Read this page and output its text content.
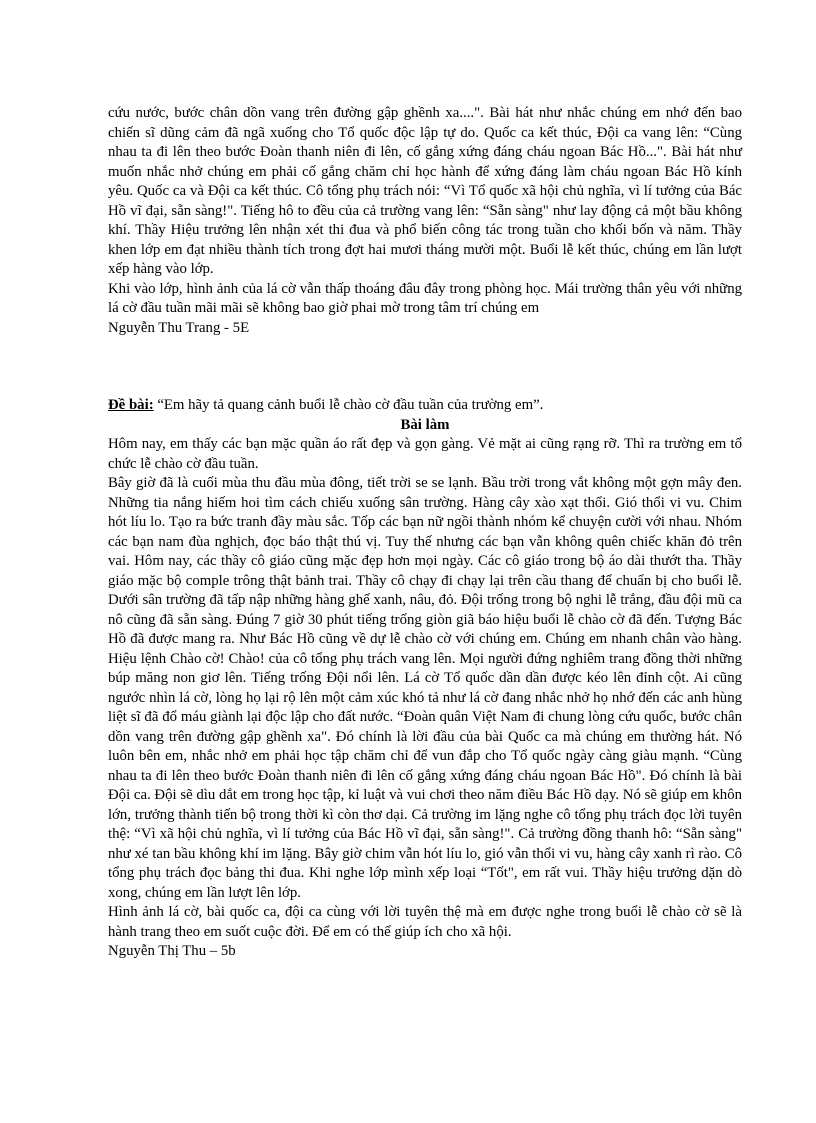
cứu nước, bước chân dồn vang trên đường gập ghềnh xa....". Bài hát như nhắc chúng em nhớ đến bao chiến sĩ dũng cảm đã ngã xuống cho Tổ quốc độc lập tự do. Quốc ca kết thúc, Đội ca vang lên: “Cùng nhau ta đi lên theo bước Đoàn thanh niên đi lên, cố gắng xứng đáng cháu ngoan Bác Hồ...". Bài hát như muốn nhắc nhở chúng em phải cố gắng chăm chỉ học hành để xứng đáng làm cháu ngoan Bác Hồ kính yêu. Quốc ca và Đội ca kết thúc. Cô tổng phụ trách nói: “Vì Tổ quốc xã hội chủ nghĩa, vì lí tưởng của Bác Hồ vĩ đại, sẵn sàng!". Tiếng hô to đều của cả trường vang lên: “Sẵn sàng" như lay động cả một bầu không khí. Thầy Hiệu trưởng lên nhận xét thi đua và phổ biến công tác trong tuần cho khối bốn và năm. Thầy khen lớp em đạt nhiều thành tích trong đợt hai mươi tháng mười một. Buổi lễ kết thúc, chúng em lần lượt xếp hàng vào lớp.

Khi vào lớp, hình ảnh của lá cờ vẫn thấp thoáng đâu đây trong phòng học. Mái trường thân yêu với những lá cờ đầu tuần mãi mãi sẽ không bao giờ phai mờ trong tâm trí chúng em

Nguyễn Thu Trang - 5E

Đề bài: “Em hãy tả quang cảnh buổi lễ chào cờ đầu tuần của trường em”.

Bài làm

Hôm nay, em thấy các bạn mặc quần áo rất đẹp và gọn gàng. Vẻ mặt ai cũng rạng rỡ. Thì ra trường em tổ chức lễ chào cờ đầu tuần.

Bây giờ đã là cuối mùa thu đầu mùa đông, tiết trời se se lạnh. Bầu trời trong vắt không một gợn mây đen. Những tia nắng hiếm hoi tìm cách chiếu xuống sân trường. Hàng cây xào xạt thổi. Gió thổi vi vu. Chim hót líu lo. Tạo ra bức tranh đầy màu sắc. Tốp các bạn nữ ngồi thành nhóm kể chuyện cười với nhau. Nhóm các bạn nam đùa nghịch, đọc báo thật thú vị. Tuy thế nhưng các bạn vẫn không quên chiếc khăn đỏ trên vai. Hôm nay, các thầy cô giáo cũng mặc đẹp hơn mọi ngày. Các cô giáo trong bộ áo dài thướt tha. Thầy giáo mặc bộ comple trông thật bảnh trai. Thầy cô chạy đi chạy lại trên cầu thang để chuẩn bị cho buổi lễ. Dưới sân trường đã tấp nập những hàng ghế xanh, nâu, đỏ. Đội trống trong bộ nghi lễ trắng, đầu đội mũ ca nô cũng đã sẵn sàng. Đúng 7 giờ 30 phút tiếng trống giòn giã báo hiệu buổi lễ chào cờ đã đến. Tượng Bác Hồ đã được mang ra. Như Bác Hồ cũng về dự lễ chào cờ với chúng em. Chúng em nhanh chân vào hàng. Hiệu lệnh Chào cờ! Chào! của cô tổng phụ trách vang lên. Mọi người đứng nghiêm trang đồng thời những búp măng non giơ lên. Tiếng trống Đội nổi lên. Lá cờ Tổ quốc dần dần được kéo lên đỉnh cột. Ai cũng ngước nhìn lá cờ, lòng họ lại rộ lên một cảm xúc khó tả như lá cờ đang nhắc nhở họ nhớ đến các anh hùng liệt sĩ đã đổ máu giành lại độc lập cho đất nước. “Đoàn quân Việt Nam đi chung lòng cứu quốc, bước chân dồn vang trên đường gập ghềnh xa". Đó chính là lời đầu của bài Quốc ca mà chúng em thường hát. Nó luôn bên em, nhắc nhở em phải học tập chăm chỉ để vun đắp cho Tổ quốc ngày càng giàu mạnh. “Cùng nhau ta đi lên theo bước Đoàn thanh niên đi lên cố gắng xứng đáng cháu ngoan Bác Hồ". Đó chính là bài Đội ca. Đội sẽ dìu dắt em trong học tập, kỉ luật và vui chơi theo năm điều Bác Hồ dạy. Nó sẽ giúp em khôn lớn, trưởng thành tiến bộ trong thời kì còn thơ dại. Cả trường im lặng nghe cô tổng phụ trách đọc lời tuyên thệ: “Vì xã hội chủ nghĩa, vì lí tưởng của Bác Hồ vĩ đại, sẵn sàng!". Cả trường đồng thanh hô: “Sẵn sàng" như xé tan bầu không khí im lặng. Bây giờ chim vẫn hót líu lo, gió vẫn thổi vi vu, hàng cây xanh rì rào. Cô tổng phụ trách đọc bảng thi đua. Khi nghe lớp mình xếp loại “Tốt", em rất vui. Thầy hiệu trưởng dặn dò xong, chúng em lần lượt lên lớp.

Hình ảnh lá cờ, bài quốc ca, đội ca cùng với lời tuyên thệ mà em được nghe trong buổi lễ chào cờ sẽ là hành trang theo em suốt cuộc đời. Để em có thể giúp ích cho xã hội.

Nguyễn Thị Thu – 5b
